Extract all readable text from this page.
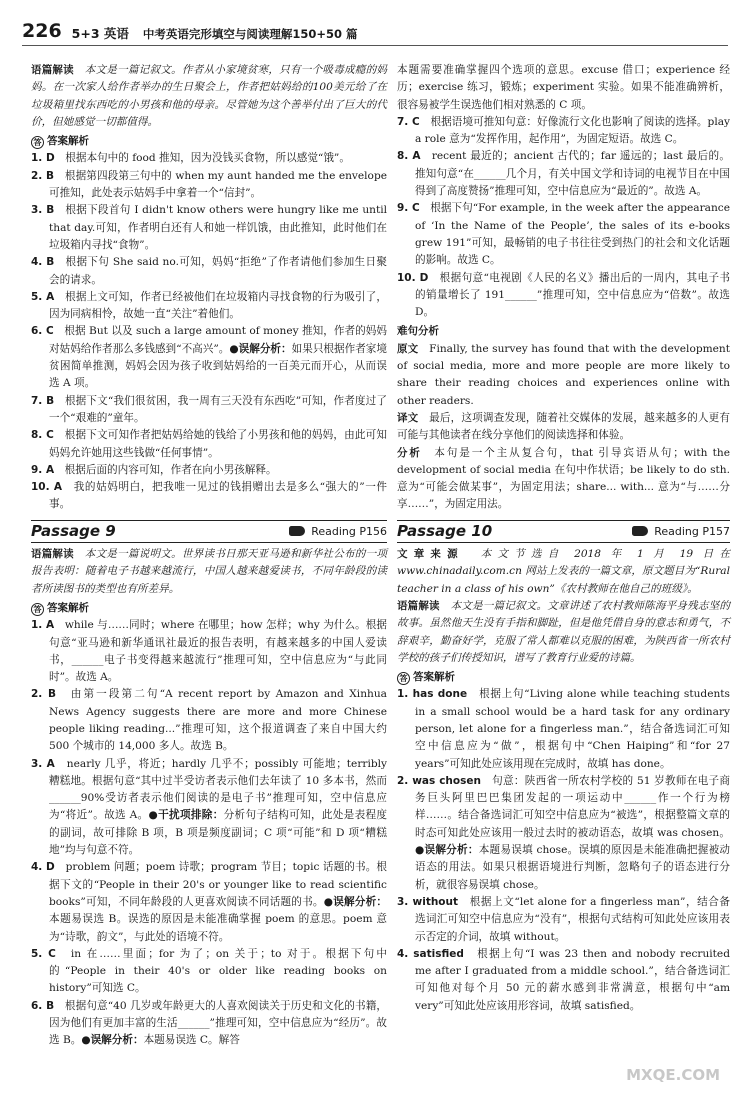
226 5+3 英语 中考英语完形填空与阅读理解150+50 篇

语篇解读　 本文是一篇记叙文。作者从小家境贫寒，只有一个吸毒成瘾的妈妈。在一次家人给作者举办的生日聚会上，作者把姑妈给的100美元给了在垃圾箱里找东西吃的小男孩和他的母亲。尽管她为这个善举付出了巨大的代价，但她感觉一切都值得。

答 答案解析

1. D　 根据本句中的 food 推知，因为没钱买食物，所以感觉“饿”。

2. B　 根据第四段第三句中的 when my aunt handed me the envelope 可推知，此处表示姑妈手中拿着一个“信封”。

3. B　 根据下段首句 I didn't know others were hungry like me until that day.可知，作者明白还有人和她一样饥饿，由此推知，此时他们在垃圾箱内寻找“食物”。

4. B　 根据下句 She said no.可知，妈妈“拒绝”了作者请他们参加生日聚会的请求。

5. A　 根据上文可知，作者已经被他们在垃圾箱内寻找食物的行为吸引了，因为同病相怜，故她一直“关注”着他们。

6. C　 根据 But 以及 such a large amount of money 推知，作者的妈妈对姑妈给作者那么多钱感到“不高兴”。●误解分析：如果只根据作者家境贫困简单推测，妈妈会因为孩子收到姑妈给的一百美元而开心，从而误选 A 项。

7. B　 根据下文“我们很贫困，我一周有三天没有东西吃”可知，作者度过了一个“艰难的”童年。

8. C　 根据下文可知作者把姑妈给她的钱给了小男孩和他的妈妈，由此可知妈妈允许她用这些钱做“任何事情”。

9. A　 根据后面的内容可知，作者在向小男孩解释。

10. A　 我的姑妈明白，把我唯一见过的钱捐赠出去是多么“强大的”一件事。

Passage 9	Reading P156

语篇解读　 本文是一篇说明文。世界读书日那天亚马逊和新华社公布的一项报告表明：随着电子书越来越流行，中国人越来越爱读书，不同年龄段的读者所读图书的类型也有所差异。

答 答案解析

1. A　 while 与……同时；where 在哪里；how 怎样；why 为什么。根据句意“亚马逊和新华通讯社最近的报告表明，有越来越多的中国人爱读书，______电子书变得越来越流行”推理可知，空中信息应为“与此同时”。故选 A。

2. B　 由第一段第二句“A recent report by Amazon and Xinhua News Agency suggests there are more and more Chinese people liking reading...”推理可知，这个报道调查了来自中国大约 500 个城市的 14,000 多人。故选 B。

3. A　 nearly 几乎，将近；hardly 几乎不；possibly 可能地；terribly 糟糕地。根据句意“其中过半受访者表示他们去年读了 10 多本书，然而______90%受访者表示他们阅读的是电子书”推理可知，空中信息应为“将近”。故选 A。●干扰项排除：分析句子结构可知，此处是表程度的副词，故可排除 B 项，B 项是频度副词；C 项“可能”和 D 项“糟糕地”均与句意不符。

4. D　 problem 问题；poem 诗歌；program 节目；topic 话题的书。根据下文的“People in their 20's or younger like to read scientific books”可知，不同年龄段的人更喜欢阅读不同话题的书。●误解分析：本题易误选 B。误选的原因是未能准确掌握 poem 的意思。poem 意为“诗歌，韵文”，与此处的语境不符。

5. C　 in 在……里面；for 为了；on 关于；to 对于。根据下句中的“People in their 40's or older like reading books on history”可知选 C。

6. B　 根据句意“40 几岁或年龄更大的人喜欢阅读关于历史和文化的书籍，因为他们有更加丰富的生活______”推理可知，空中信息应为“经历”。故选 B。●误解分析：本题易误选 C。解答

本题需要准确掌握四个选项的意思。excuse 借口；experience 经历；exercise 练习，锻炼；experiment 实验。如果不能准确辨析，很容易被学生误选他们相对熟悉的 C 项。

7. C　 根据语境可推知句意：好像流行文化也影响了阅读的选择。play a role 意为“发挥作用，起作用”，为固定短语。故选 C。

8. A　 recent 最近的；ancient 古代的；far 遥远的；last 最后的。推知句意“在______几个月，有关中国文学和诗词的电视节目在中国得到了高度赞扬”推理可知，空中信息应为“最近的”。故选 A。

9. C　 根据下句“For example, in the week after the appearance of ‘In the Name of the People’, the sales of its e-books grew 191”可知，最畅销的电子书往往受到热门的社会和文化话题的影响。故选 C。

10. D　 根据句意“电视剧《人民的名义》播出后的一周内，其电子书的销量增长了 191______”推理可知，空中信息应为“倍数”。故选 D。

难句分析

原文　 Finally, the survey has found that with the development of social media, more and more people are more likely to share their reading choices and experiences online with other readers.

译文　 最后，这项调查发现，随着社交媒体的发展，越来越多的人更有可能与其他读者在线分享他们的阅读选择和体验。

分析　 本句是一个主从复合句，that 引导宾语从句；with the development of social media 在句中作状语；be likely to do sth. 意为“可能会做某事”，为固定用法；share... with... 意为“与……分享……”，为固定用法。

Passage 10	Reading P157

文章来源　 本文节选自 2018 年 1 月 19 日在 www.chinadaily.com.cn 网站上发表的一篇文章，原文题目为“Rural teacher in a class of his own”《农村教师在他自己的班级》。

语篇解读　 本文是一篇记叙文。文章讲述了农村教师陈海平身残志坚的故事。虽然他天生没有手指和脚趾，但是他凭借自身的意志和勇气，不辞艰辛，勤奋好学，克服了常人都难以克服的困难，为陕西省一所农村学校的孩子们传授知识，谱写了教育行业爱的诗篇。

答 答案解析

1. has done　 根据上句“Living alone while teaching students in a small school would be a hard task for any ordinary person, let alone for a fingerless man.”，结合备选词汇可知空中信息应为“做”，根据句中“Chen Haiping”和“for 27 years”可知此处应该用现在完成时，故填 has done。

2. was chosen　 句意：陕西省一所农村学校的 51 岁教师在电子商务巨头阿里巴巴集团发起的一项运动中______作一个行为榜样……。结合备选词汇可知空中信息应为“被选”，根据整篇文章的时态可知此处应该用一般过去时的被动语态，故填 was chosen。●误解分析：本题易误填 chose。误填的原因是未能准确把握被动语态的用法。如果只根据语境进行判断，忽略句子的语态进行分析，就很容易误填 chose。

3. without　 根据上文“let alone for a fingerless man”，结合备选词汇可知空中信息应为“没有”，根据句式结构可知此处应该用表示否定的介词，故填 without。

4. satisfied　 根据上句“I was 23 then and nobody recruited me after I graduated from a middle school.”，结合备选词汇可知他对每个月 50 元的薪水感到非常满意，根据句中“am very”可知此处应该用形容词，故填 satisfied。

MXQE.COM
